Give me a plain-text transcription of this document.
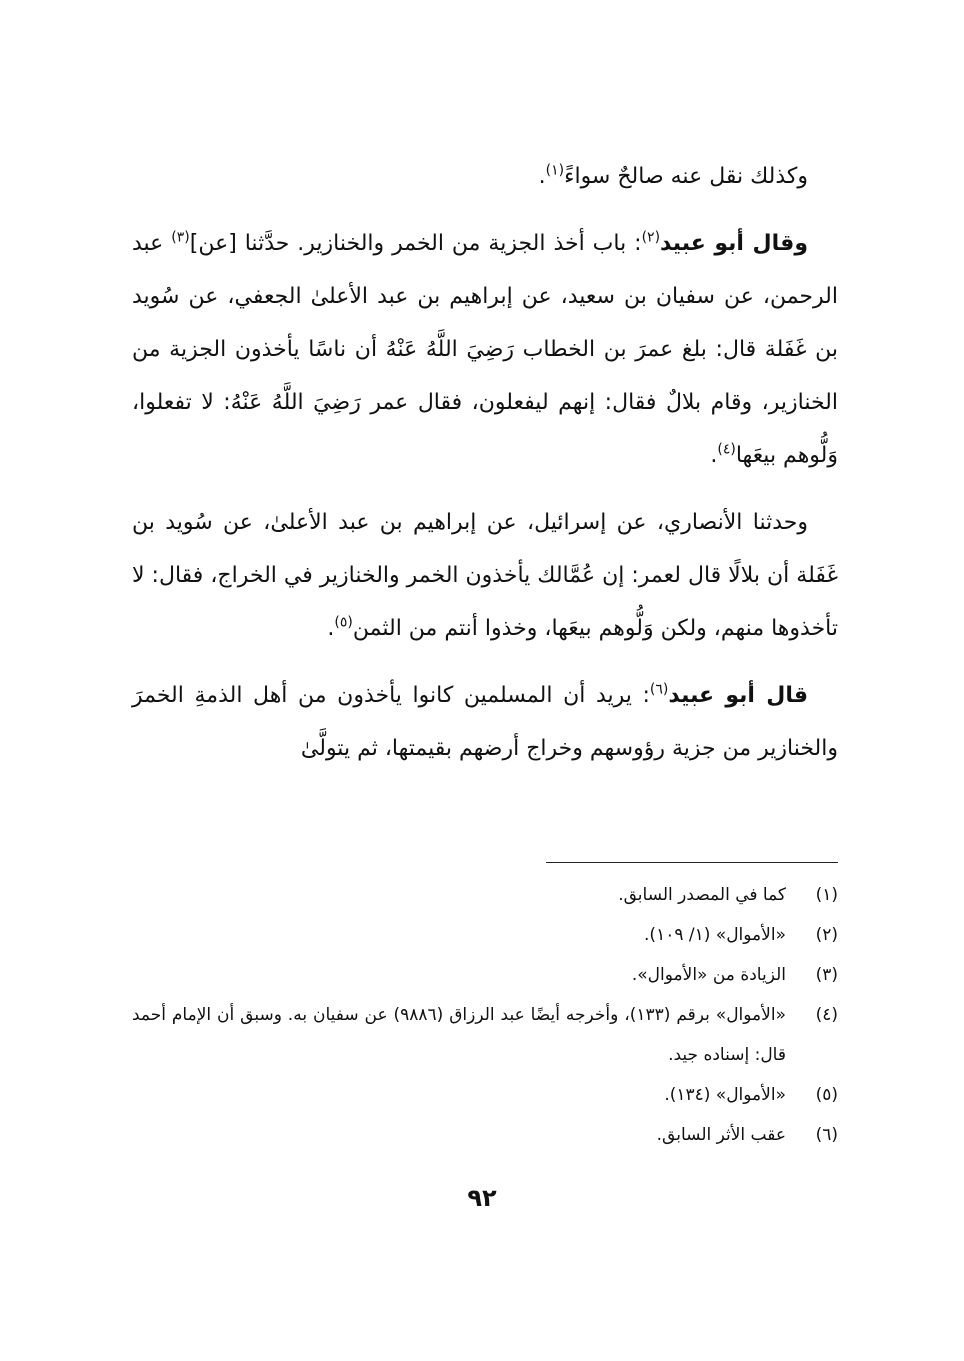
وكذلك نقل عنه صالحٌ سواءً$^{(١)}$.

وقال أبو عبيد$^{(٢)}$: باب أخذ الجزية من الخمر والخنازير. حدَّثنا [عن]$^{(٣)}$ عبد الرحمن، عن سفيان بن سعيد، عن إبراهيم بن عبد الأعلىٰ الجعفي، عن سُويد بن غَفَلة قال: بلغ عمرَ بن الخطاب رَضِيَ اللَّهُ عَنْهُ أن ناسًا يأخذون الجزية من الخنازير، وقام بلالٌ فقال: إنهم ليفعلون، فقال عمر رَضِيَ اللَّهُ عَنْهُ: لا تفعلوا، وَلُّوهم بيعَها$^{(٤)}$.

وحدثنا الأنصاري، عن إسرائيل، عن إبراهيم بن عبد الأعلىٰ، عن سُويد بن غَفَلة أن بلالًا قال لعمر: إن عُمَّالك يأخذون الخمر والخنازير في الخراج، فقال: لا تأخذوها منهم، ولكن وَلُّوهم بيعَها، وخذوا أنتم من الثمن$^{(٥)}$.

قال أبو عبيد$^{(٦)}$: يريد أن المسلمين كانوا يأخذون من أهل الذمةِ الخمرَ والخنازير من جزية رؤوسهم وخراج أرضهم بقيمتها، ثم يتولَّىٰ

(١)
كما في المصدر السابق.
(٢)
«الأموال» (١/ ١٠٩).
(٣)
الزيادة من «الأموال».
(٤)
«الأموال» برقم (١٣٣)، وأخرجه أيضًا عبد الرزاق (٩٨٨٦) عن سفيان به. وسبق أن الإمام أحمد قال: إسناده جيد.
(٥)
«الأموال» (١٣٤).
(٦)
عقب الأثر السابق.
٩٢
